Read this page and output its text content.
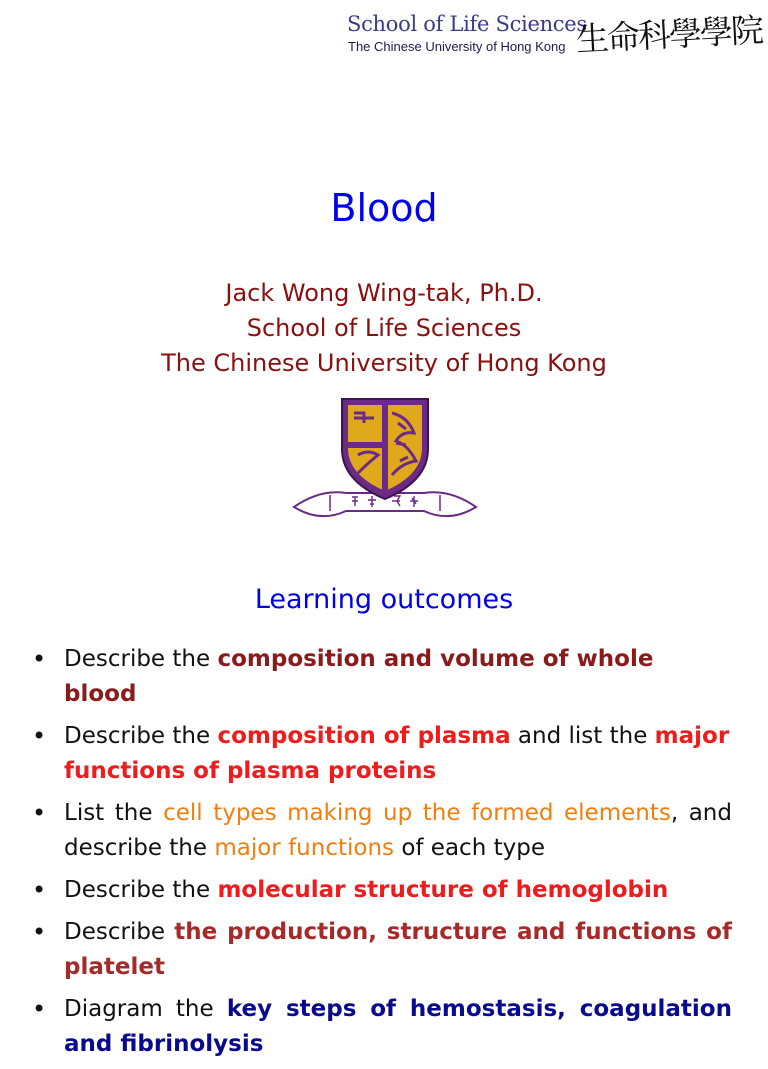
School of Life Sciences
The Chinese University of Hong Kong 生命科學學院
Blood
Jack Wong Wing-tak, Ph.D.
School of Life Sciences
The Chinese University of Hong Kong
Learning outcomes
• Describe the composition and volume of whole blood
• Describe the composition of plasma and list the major functions of plasma proteins
• List the cell types making up the formed elements, and describe the major functions of each type
• Describe the molecular structure of hemoglobin
• Describe the production, structure and functions of platelet
• Diagram the key steps of hemostasis, coagulation and fibrinolysis
